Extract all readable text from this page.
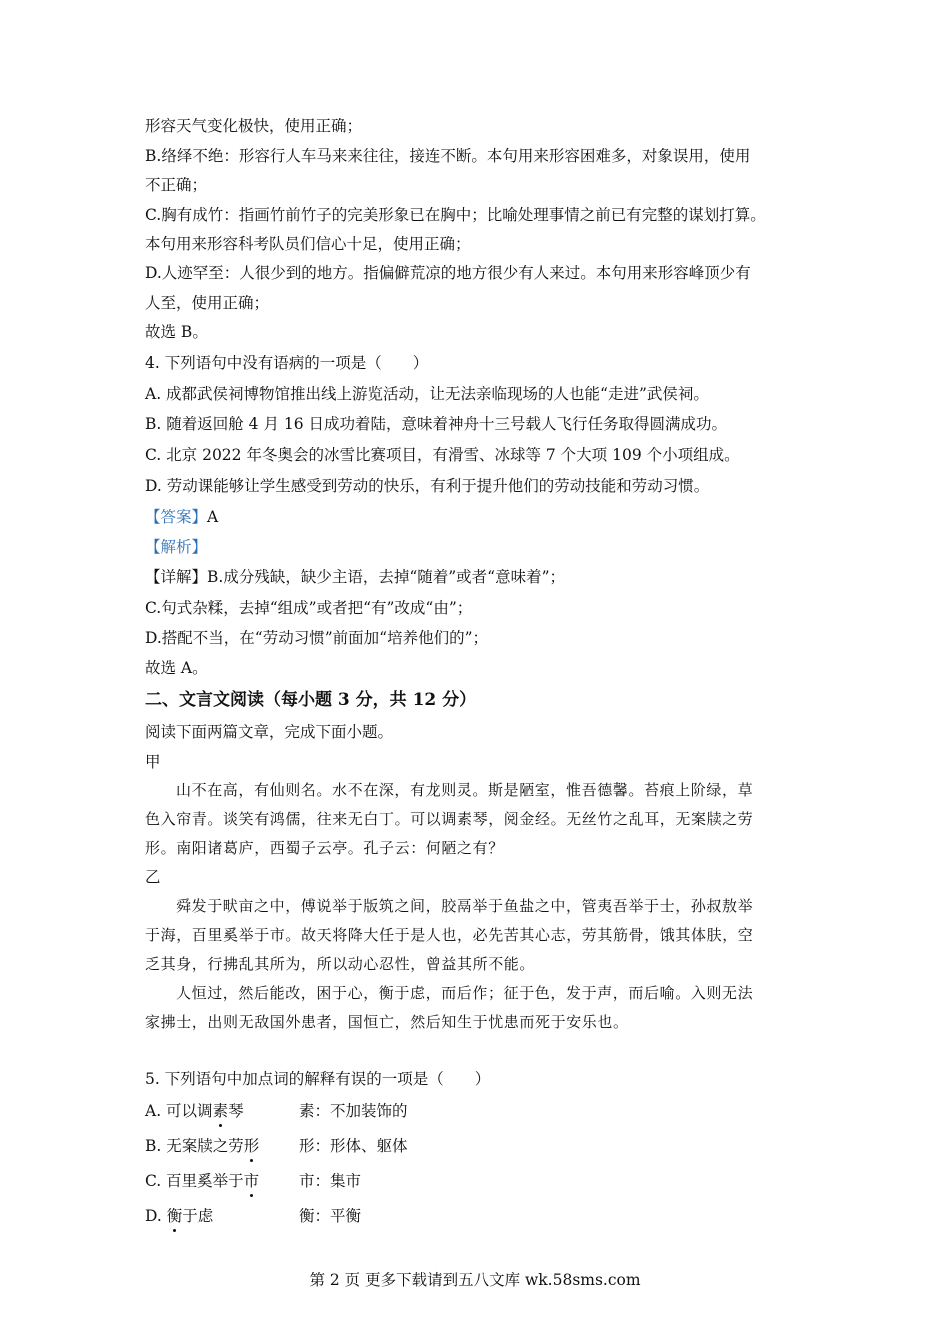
形容天气变化极快，使用正确；
B.络绎不绝：形容行人车马来来往往，接连不断。本句用来形容困难多，对象误用，使用
不正确；
C.胸有成竹：指画竹前竹子的完美形象已在胸中；比喻处理事情之前已有完整的谋划打算。
本句用来形容科考队员们信心十足，使用正确；
D.人迹罕至：人很少到的地方。指偏僻荒凉的地方很少有人来过。本句用来形容峰顶少有
人至，使用正确；
故选 B。
4. 下列语句中没有语病的一项是（　　）
A. 成都武侯祠博物馆推出线上游览活动，让无法亲临现场的人也能“走进”武侯祠。
B. 随着返回舱 4 月 16 日成功着陆，意味着神舟十三号载人飞行任务取得圆满成功。
C. 北京 2022 年冬奥会的冰雪比赛项目，有滑雪、冰球等 7 个大项 109 个小项组成。
D. 劳动课能够让学生感受到劳动的快乐，有利于提升他们的劳动技能和劳动习惯。
【答案】A
【解析】
【详解】B.成分残缺，缺少主语，去掉“随着”或者“意味着”；
C.句式杂糅，去掉“组成”或者把“有”改成“由”；
D.搭配不当，在“劳动习惯”前面加“培养他们的”；
故选 A。
二、文言文阅读（每小题 3 分，共 12 分）
阅读下面两篇文章，完成下面小题。
甲
山不在高，有仙则名。水不在深，有龙则灵。斯是陋室，惟吾德馨。苔痕上阶绿，草
色入帘青。谈笑有鸿儒，往来无白丁。可以调素琴，阅金经。无丝竹之乱耳，无案牍之劳
形。南阳诸葛庐，西蜀子云亭。孔子云：何陋之有？
乙
舜发于畎亩之中，傅说举于版筑之间，胶鬲举于鱼盐之中，管夷吾举于士，孙叔敖举
于海，百里奚举于市。故天将降大任于是人也，必先苦其心志，劳其筋骨，饿其体肤，空
乏其身，行拂乱其所为，所以动心忍性，曾益其所不能。
人恒过，然后能改，困于心，衡于虑，而后作；征于色，发于声，而后喻。入则无法
家拂士，出则无敌国外患者，国恒亡，然后知生于忧患而死于安乐也。
5. 下列语句中加点词的解释有误的一项是（　　）
A. 可以调素琴	素：不加装饰的
B. 无案牍之劳形	形：形体、躯体
C. 百里奚举于市	市：集市
D. 衡于虑	衡：平衡
第 2 页 更多下载请到五八文库 wk.58sms.com
